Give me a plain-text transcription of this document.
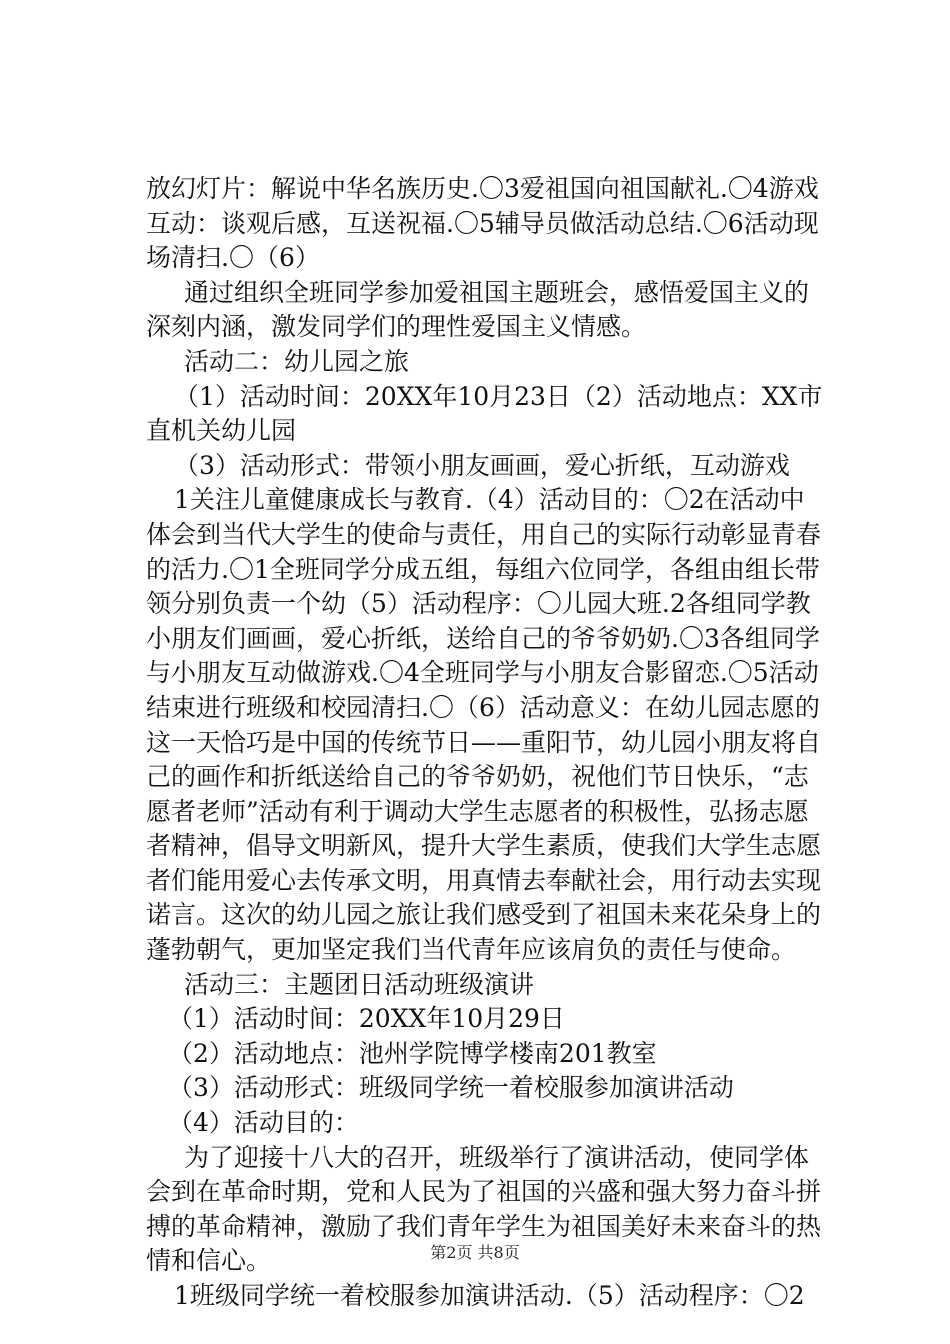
放幻灯片：解说中华名族历史.〇3爱祖国向祖国献礼.〇4游戏
互动：谈观后感，互送祝福.〇5辅导员做活动总结.〇6活动现
场清扫.〇（6）
通过组织全班同学参加爱祖国主题班会，感悟爱国主义的
深刻内涵，激发同学们的理性爱国主义情感。
活动二：幼儿园之旅
（1）活动时间：20XX年10月23日（2）活动地点：XX市
直机关幼儿园
（3）活动形式：带领小朋友画画，爱心折纸，互动游戏
1关注儿童健康成长与教育.（4）活动目的：〇2在活动中
体会到当代大学生的使命与责任，用自己的实际行动彰显青春
的活力.〇1全班同学分成五组，每组六位同学，各组由组长带
领分别负责一个幼（5）活动程序：〇儿园大班.2各组同学教
小朋友们画画，爱心折纸，送给自己的爷爷奶奶.〇3各组同学
与小朋友互动做游戏.〇4全班同学与小朋友合影留恋.〇5活动
结束进行班级和校园清扫.〇（6）活动意义：在幼儿园志愿的
这一天恰巧是中国的传统节日——重阳节，幼儿园小朋友将自
己的画作和折纸送给自己的爷爷奶奶，祝他们节日快乐，“志
愿者老师”活动有利于调动大学生志愿者的积极性，弘扬志愿
者精神，倡导文明新风，提升大学生素质，使我们大学生志愿
者们能用爱心去传承文明，用真情去奉献社会，用行动去实现
诺言。这次的幼儿园之旅让我们感受到了祖国未来花朵身上的
蓬勃朝气，更加坚定我们当代青年应该肩负的责任与使命。
活动三：主题团日活动班级演讲
（1）活动时间：20XX年10月29日
（2）活动地点：池州学院博学楼南201教室
（3）活动形式：班级同学统一着校服参加演讲活动
（4）活动目的：
为了迎接十八大的召开，班级举行了演讲活动，使同学体
会到在革命时期，党和人民为了祖国的兴盛和强大努力奋斗拼
搏的革命精神，激励了我们青年学生为祖国美好未来奋斗的热
情和信心。
1班级同学统一着校服参加演讲活动.（5）活动程序：〇2
第2页 共8页
